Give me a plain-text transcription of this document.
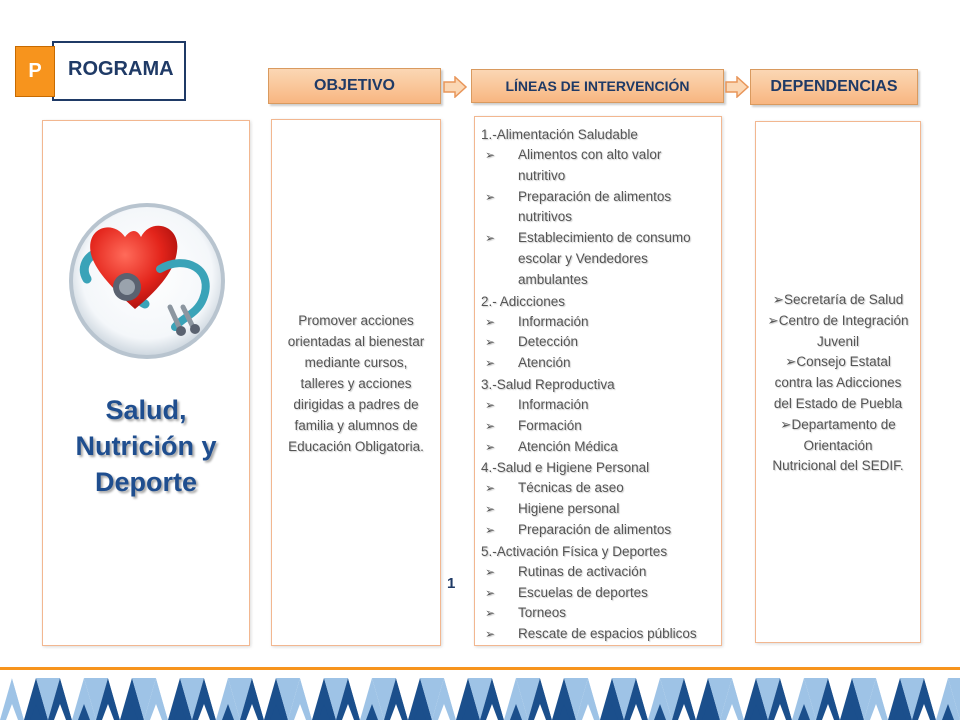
P	ROGRAMA
OBJETIVO	LÍNEAS DE INTERVENCIÓN	DEPENDENCIAS
Salud,
Nutrición y
Deporte
Promover acciones
orientadas al bienestar
mediante cursos,
talleres y acciones
dirigidas a padres de
familia y alumnos de
Educación Obligatoria.
1.-Alimentación Saludable
➢ Alimentos con alto valor
nutritivo
➢ Preparación de alimentos
nutritivos
➢ Establecimiento de consumo
escolar y Vendedores
ambulantes
2.- Adicciones
➢ Información
➢ Detección
➢ Atención
3.-Salud Reproductiva
➢ Información
➢ Formación
➢ Atención Médica
4.-Salud e Higiene Personal
➢ Técnicas de aseo
➢ Higiene personal
➢ Preparación de alimentos
5.-Activación Física y Deportes
➢ Rutinas de activación
➢ Escuelas de deportes
➢ Torneos
➢ Rescate de espacios públicos
➢Secretaría de Salud
➢Centro de Integración
Juvenil
➢Consejo Estatal
contra las Adicciones
del Estado de Puebla
➢Departamento de
Orientación
Nutricional del SEDIF.
1
